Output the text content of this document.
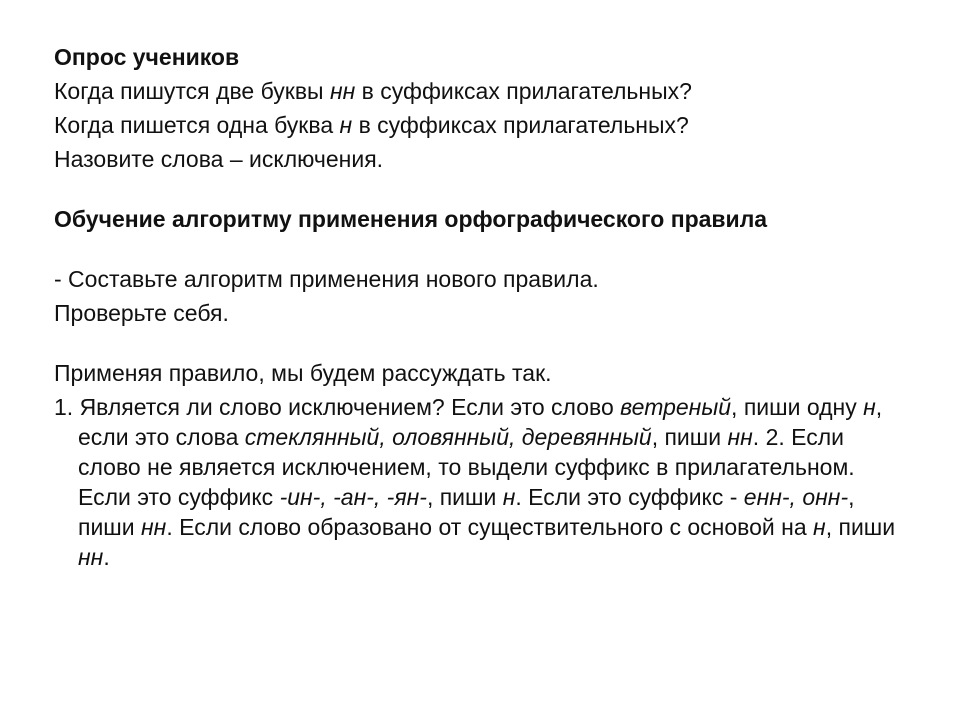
Опрос учеников
Когда пишутся две буквы нн в суффиксах прилагательных?
Когда пишется одна буква н в суффиксах прилагательных?
Назовите слова – исключения.
Обучение алгоритму применения орфографического правила
- Составьте алгоритм применения нового правила.
Проверьте себя.
Применяя правило, мы будем рассуждать так.
1. Является ли слово исключением? Если это слово ветреный, пиши одну н, если это слова стеклянный, оловянный, деревянный, пиши нн. 2. Если слово не является исключением, то выдели суффикс в прилагательном. Если это суффикс -ин-, -ан-, -ян-, пиши н. Если это суффикс - енн-, онн-, пиши нн. Если слово образовано от существительного с основой на н, пиши нн.
